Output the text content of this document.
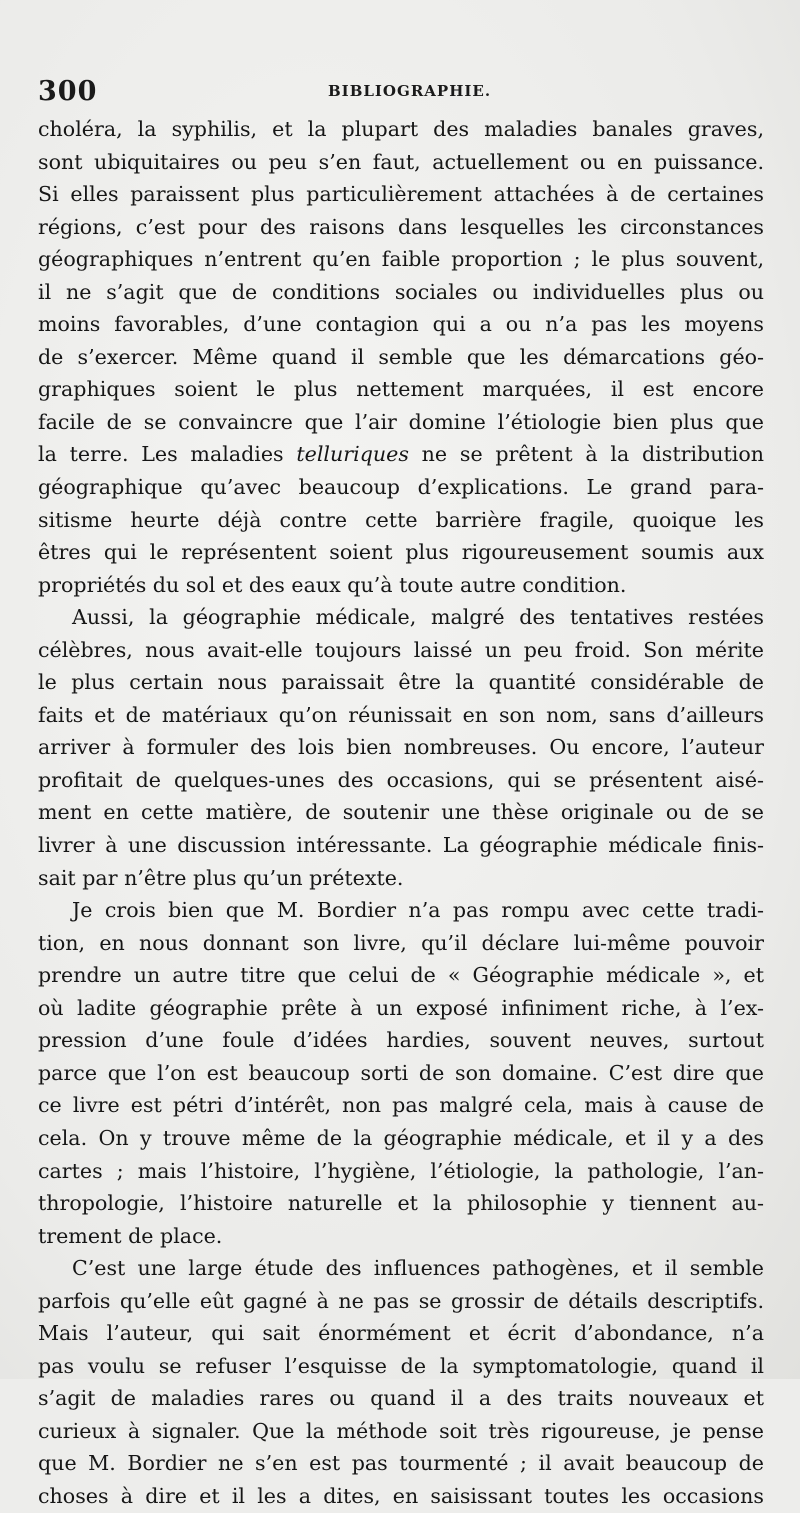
300	BIBLIOGRAPHIE.
choléra, la syphilis, et la plupart des maladies banales graves,
sont ubiquitaires ou peu s’en faut, actuellement ou en puissance.
Si elles paraissent plus particulièrement attachées à de certaines
régions, c’est pour des raisons dans lesquelles les circonstances
géographiques n’entrent qu’en faible proportion ; le plus souvent,
il ne s’agit que de conditions sociales ou individuelles plus ou
moins favorables, d’une contagion qui a ou n’a pas les moyens
de s’exercer. Même quand il semble que les démarcations géo-
graphiques soient le plus nettement marquées, il est encore
facile de se convaincre que l’air domine l’étiologie bien plus que
la terre. Les maladies telluriques ne se prêtent à la distribution
géographique qu’avec beaucoup d’explications. Le grand para-
sitisme heurte déjà contre cette barrière fragile, quoique les
êtres qui le représentent soient plus rigoureusement soumis aux
propriétés du sol et des eaux qu’à toute autre condition.
Aussi, la géographie médicale, malgré des tentatives restées
célèbres, nous avait-elle toujours laissé un peu froid. Son mérite
le plus certain nous paraissait être la quantité considérable de
faits et de matériaux qu’on réunissait en son nom, sans d’ailleurs
arriver à formuler des lois bien nombreuses. Ou encore, l’auteur
profitait de quelques-unes des occasions, qui se présentent aisé-
ment en cette matière, de soutenir une thèse originale ou de se
livrer à une discussion intéressante. La géographie médicale finis-
sait par n’être plus qu’un prétexte.
Je crois bien que M. Bordier n’a pas rompu avec cette tradi-
tion, en nous donnant son livre, qu’il déclare lui-même pouvoir
prendre un autre titre que celui de « Géographie médicale », et
où ladite géographie prête à un exposé infiniment riche, à l’ex-
pression d’une foule d’idées hardies, souvent neuves, surtout
parce que l’on est beaucoup sorti de son domaine. C’est dire que
ce livre est pétri d’intérêt, non pas malgré cela, mais à cause de
cela. On y trouve même de la géographie médicale, et il y a des
cartes ; mais l’histoire, l’hygiène, l’étiologie, la pathologie, l’an-
thropologie, l’histoire naturelle et la philosophie y tiennent au-
trement de place.
C’est une large étude des influences pathogènes, et il semble
parfois qu’elle eût gagné à ne pas se grossir de détails descriptifs.
Mais l’auteur, qui sait énormément et écrit d’abondance, n’a
pas voulu se refuser l’esquisse de la symptomatologie, quand il
s’agit de maladies rares ou quand il a des traits nouveaux et
curieux à signaler. Que la méthode soit très rigoureuse, je pense
que M. Bordier ne s’en est pas tourmenté ; il avait beaucoup de
choses à dire et il les a dites, en saisissant toutes les occasions
